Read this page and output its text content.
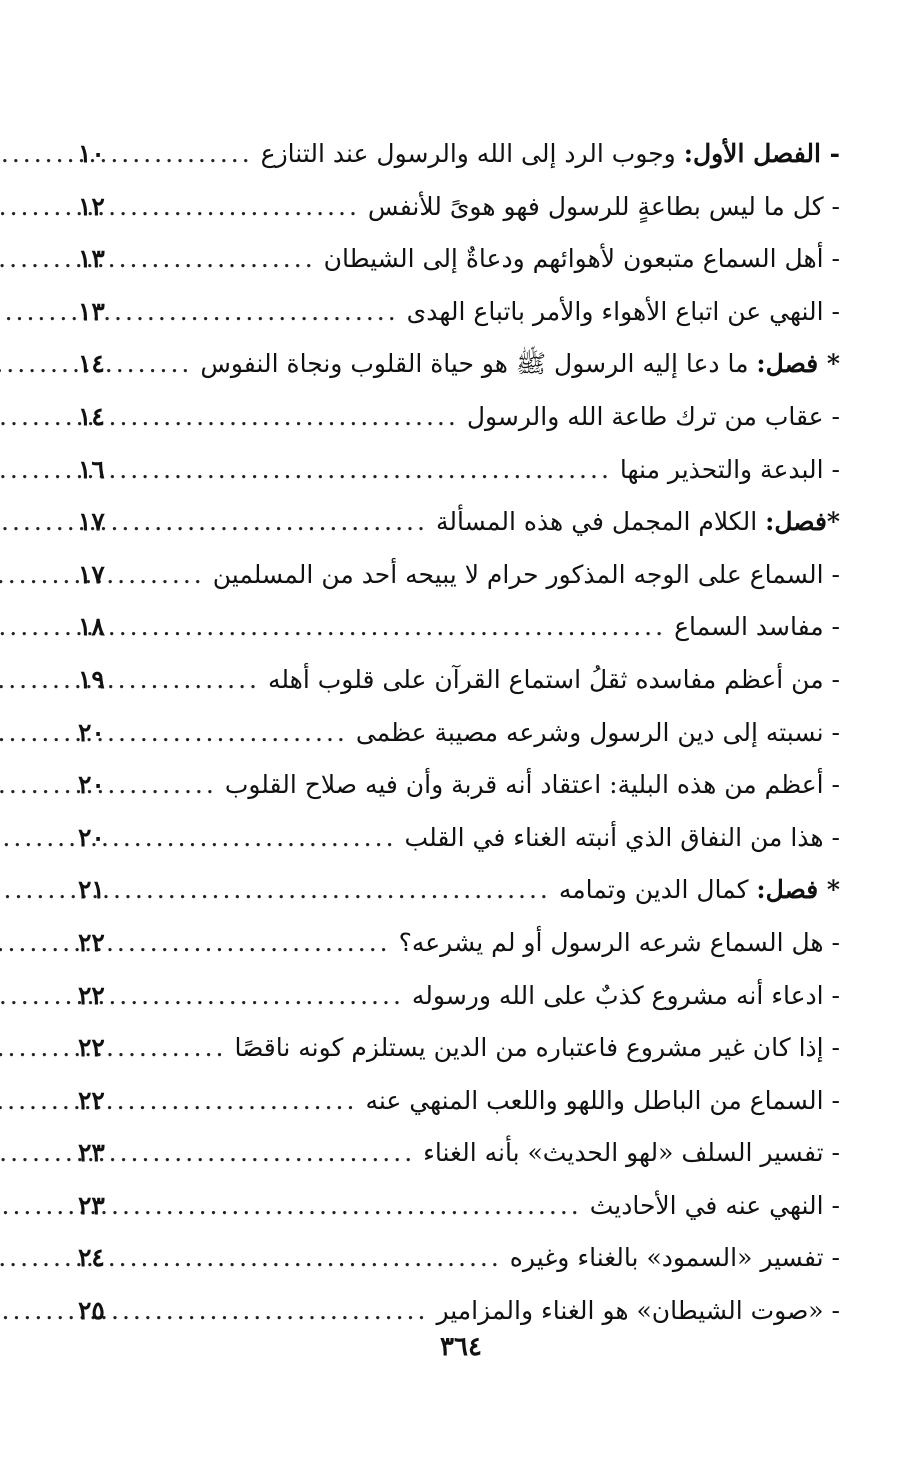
- الفصل الأول: وجوب الرد إلى الله والرسول عند التنازع
.....
١٠
- كل ما ليس بطاعةٍ للرسول فهو هوىً للأنفس
.....
١٢
- أهل السماع متبعون لأهوائهم ودعاةٌ إلى الشيطان
.....
١٣
- النهي عن اتباع الأهواء والأمر باتباع الهدى
.....
١٣
* فصل: ما دعا إليه الرسول ﷺ هو حياة القلوب ونجاة النفوس
.....
١٤
- عقاب من ترك طاعة الله والرسول
.....
١٤
- البدعة والتحذير منها
.....
١٦
*فصل: الكلام المجمل في هذه المسألة
.....
١٧
- السماع على الوجه المذكور حرام لا يبيحه أحد من المسلمين
.....
١٧
- مفاسد السماع
.....
١٨
- من أعظم مفاسده ثقلُ استماع القرآن على قلوب أهله
.....
١٩
- نسبته إلى دين الرسول وشرعه مصيبة عظمى
.....
٢٠
- أعظم من هذه البلية: اعتقاد أنه قربة وأن فيه صلاح القلوب
.....
٢٠
- هذا من النفاق الذي أنبته الغناء في القلب
.....
٢٠
* فصل: كمال الدين وتمامه
.....
٢١
- هل السماع شرعه الرسول أو لم يشرعه؟
.....
٢٢
- ادعاء أنه مشروع كذبٌ على الله ورسوله
.....
٢٢
- إذا كان غير مشروع فاعتباره من الدين يستلزم كونه ناقصًا
.....
٢٢
- السماع من الباطل واللهو واللعب المنهي عنه
.....
٢٢
- تفسير السلف «لهو الحديث» بأنه الغناء
.....
٢٣
- النهي عنه في الأحاديث
.....
٢٣
- تفسير «السمود» بالغناء وغيره
.....
٢٤
- «صوت الشيطان» هو الغناء والمزامير
.....
٢٥
٣٦٤
